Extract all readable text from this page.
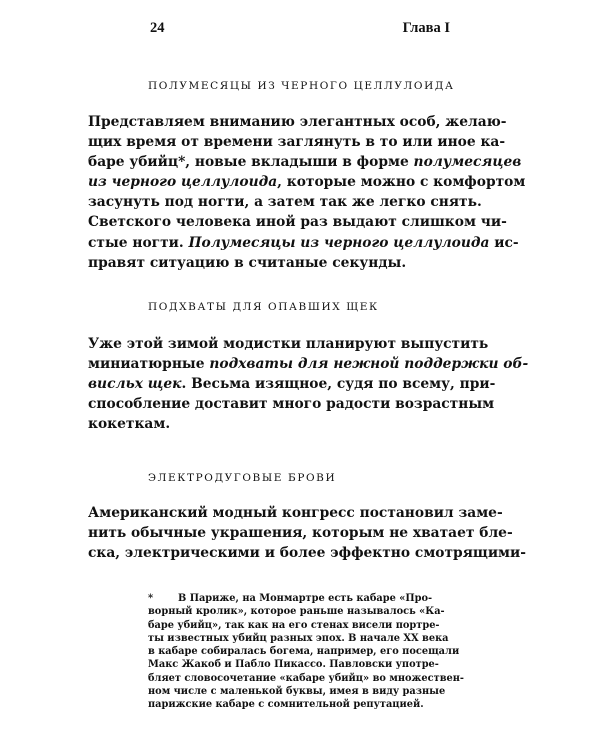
24	Глава I
ПОЛУМЕСЯЦЫ ИЗ ЧЕРНОГО ЦЕЛЛУЛОИДА
Представляем вниманию элегантных особ, желаю-
щих время от времени заглянуть в то или иное ка-
баре убийц*, новые вкладыши в форме полумесяцев
из черного целлулоида, которые можно с комфортом
засунуть под ногти, а затем так же легко снять.
Светского человека иной раз выдают слишком чи-
стые ногти. Полумесяцы из черного целлулоида ис-
правят ситуацию в считаные секунды.
ПОДХВАТЫ ДЛЯ ОПАВШИХ ЩЕК
Уже этой зимой модистки планируют выпустить
миниатюрные подхваты для нежной поддержки об-
висльх щек. Весьма изящное, судя по всему, при-
способление доставит много радости возрастным
кокеткам.
ЭЛЕКТРОДУГОВЫЕ БРОВИ
Американский модный конгресс постановил заме-
нить обычные украшения, которым не хватает бле-
ска, электрическими и более эффектно смотрящими-
*	В Париже, на Монмартре есть кабаре «Про-
ворный кролик», которое раньше называлось «Ка-
баре убийц», так как на его стенах висели портре-
ты известных убийц разных эпох. В начале XX века
в кабаре собиралась богема, например, его посещали
Макс Жакоб и Пабло Пикассо. Павловски употре-
бляет словосочетание «кабаре убийц» во множествен-
ном числе с маленькой буквы, имея в виду разные
парижские кабаре с сомнительной репутацией.
